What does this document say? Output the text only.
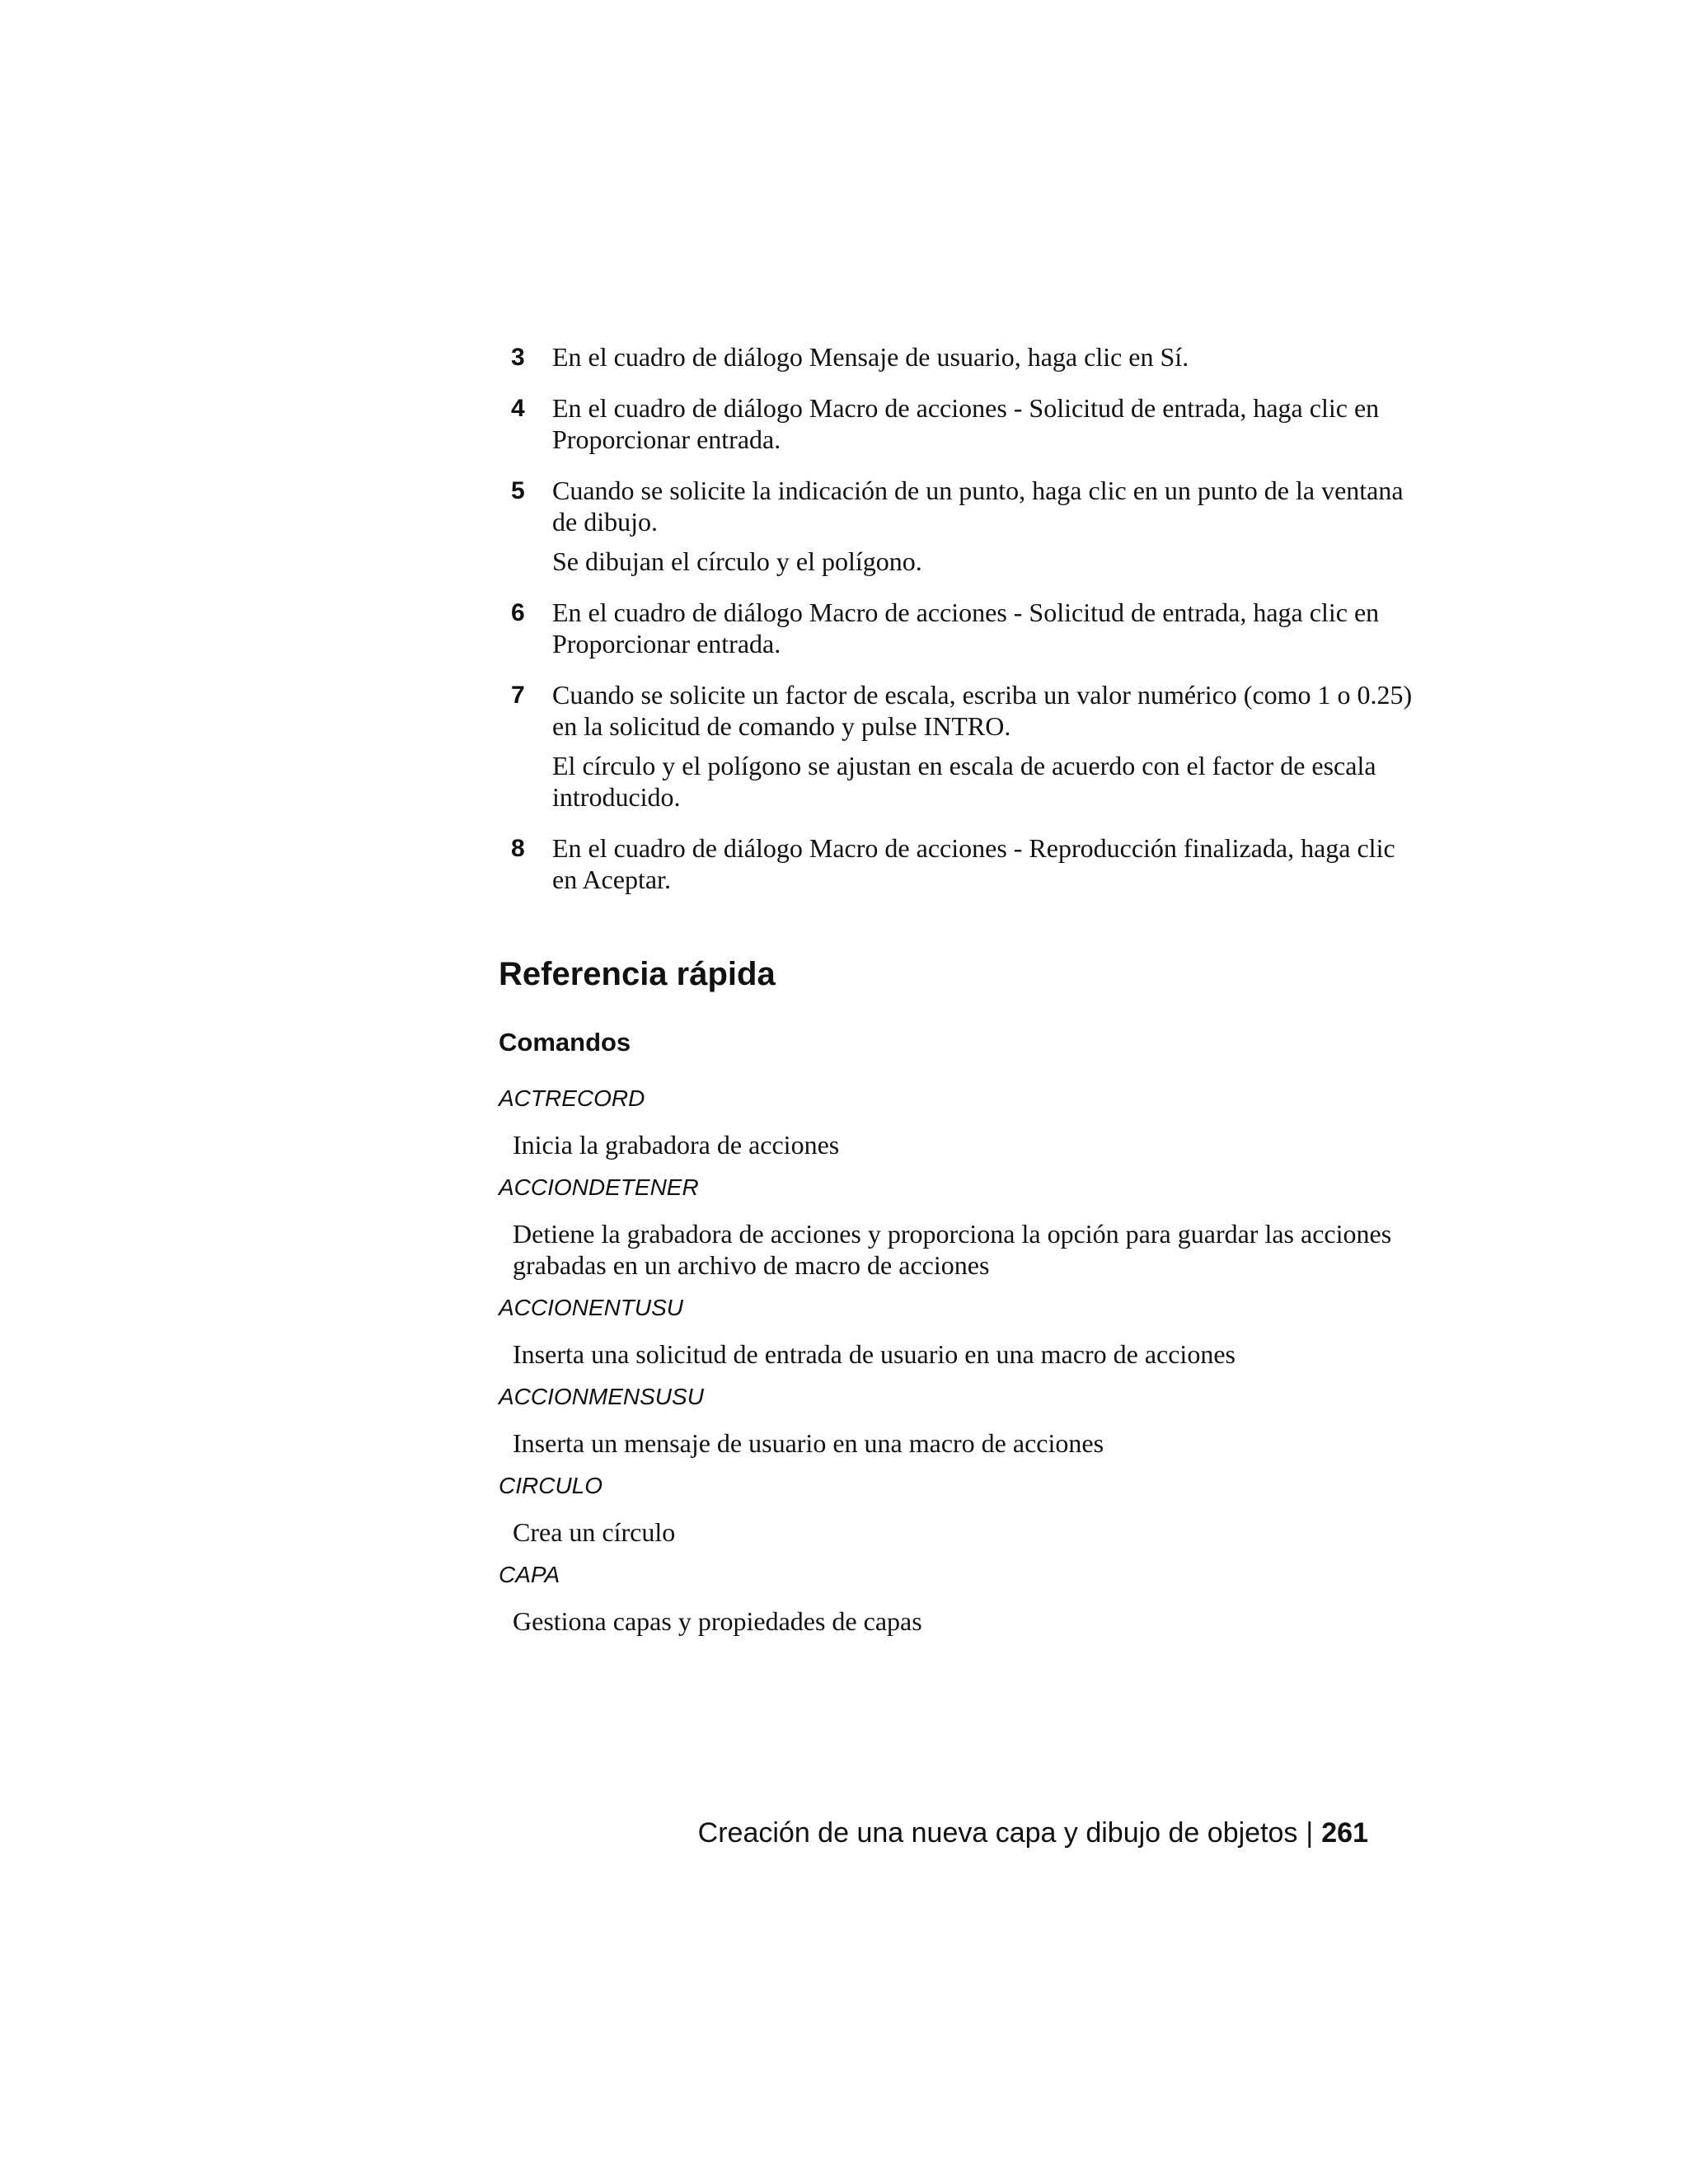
3	En el cuadro de diálogo Mensaje de usuario, haga clic en Sí.
4	En el cuadro de diálogo Macro de acciones - Solicitud de entrada, haga clic en Proporcionar entrada.
5	Cuando se solicite la indicación de un punto, haga clic en un punto de la ventana de dibujo.
Se dibujan el círculo y el polígono.
6	En el cuadro de diálogo Macro de acciones - Solicitud de entrada, haga clic en Proporcionar entrada.
7	Cuando se solicite un factor de escala, escriba un valor numérico (como 1 o 0.25) en la solicitud de comando y pulse INTRO.
El círculo y el polígono se ajustan en escala de acuerdo con el factor de escala introducido.
8	En el cuadro de diálogo Macro de acciones - Reproducción finalizada, haga clic en Aceptar.
Referencia rápida
Comandos
ACTRECORD
Inicia la grabadora de acciones
ACCIONDETENER
Detiene la grabadora de acciones y proporciona la opción para guardar las acciones grabadas en un archivo de macro de acciones
ACCIONENTUSU
Inserta una solicitud de entrada de usuario en una macro de acciones
ACCIONMENSUSU
Inserta un mensaje de usuario en una macro de acciones
CIRCULO
Crea un círculo
CAPA
Gestiona capas y propiedades de capas
Creación de una nueva capa y dibujo de objetos | 261
